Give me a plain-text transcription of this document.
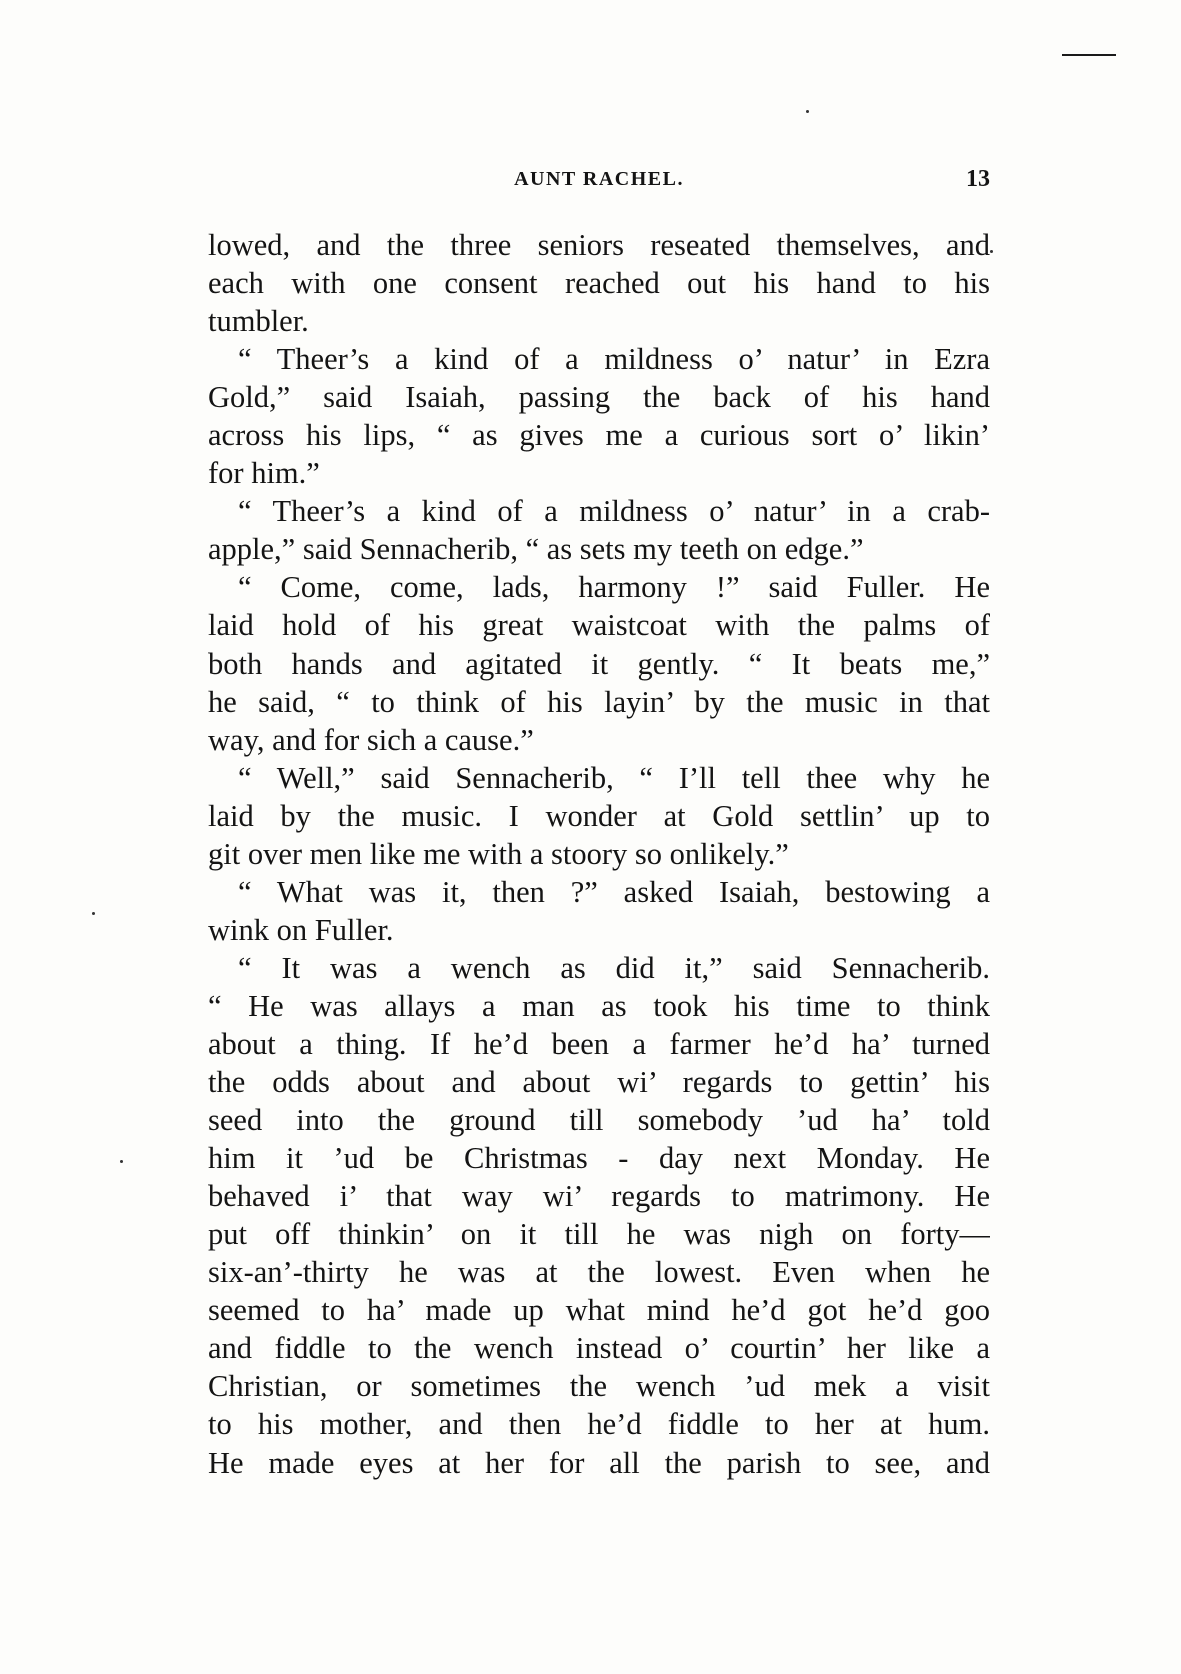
AUNT RACHEL.	13
lowed, and the three seniors reseated themselves, and
each with one consent reached out his hand to his
tumbler.
“ Theer’s a kind of a mildness o’ natur’ in Ezra
Gold,” said Isaiah, passing the back of his hand
across his lips, “ as gives me a curious sort o’ likin’
for him.”
“ Theer’s a kind of a mildness o’ natur’ in a crab-
apple,” said Sennacherib, “ as sets my teeth on edge.”
“ Come, come, lads, harmony !” said Fuller. He
laid hold of his great waistcoat with the palms of
both hands and agitated it gently. “ It beats me,”
he said, “ to think of his layin’ by the music in that
way, and for sich a cause.”
“ Well,” said Sennacherib, “ I’ll tell thee why he
laid by the music. I wonder at Gold settlin’ up to
git over men like me with a stoory so onlikely.”
“ What was it, then ?” asked Isaiah, bestowing a
wink on Fuller.
“ It was a wench as did it,” said Sennacherib.
“ He was allays a man as took his time to think
about a thing. If he’d been a farmer he’d ha’ turned
the odds about and about wi’ regards to gettin’ his
seed into the ground till somebody ’ud ha’ told
him it ’ud be Christmas - day next Monday. He
behaved i’ that way wi’ regards to matrimony. He
put off thinkin’ on it till he was nigh on forty—
six-an’-thirty he was at the lowest. Even when he
seemed to ha’ made up what mind he’d got he’d goo
and fiddle to the wench instead o’ courtin’ her like a
Christian, or sometimes the wench ’ud mek a visit
to his mother, and then he’d fiddle to her at hum.
He made eyes at her for all the parish to see, and
